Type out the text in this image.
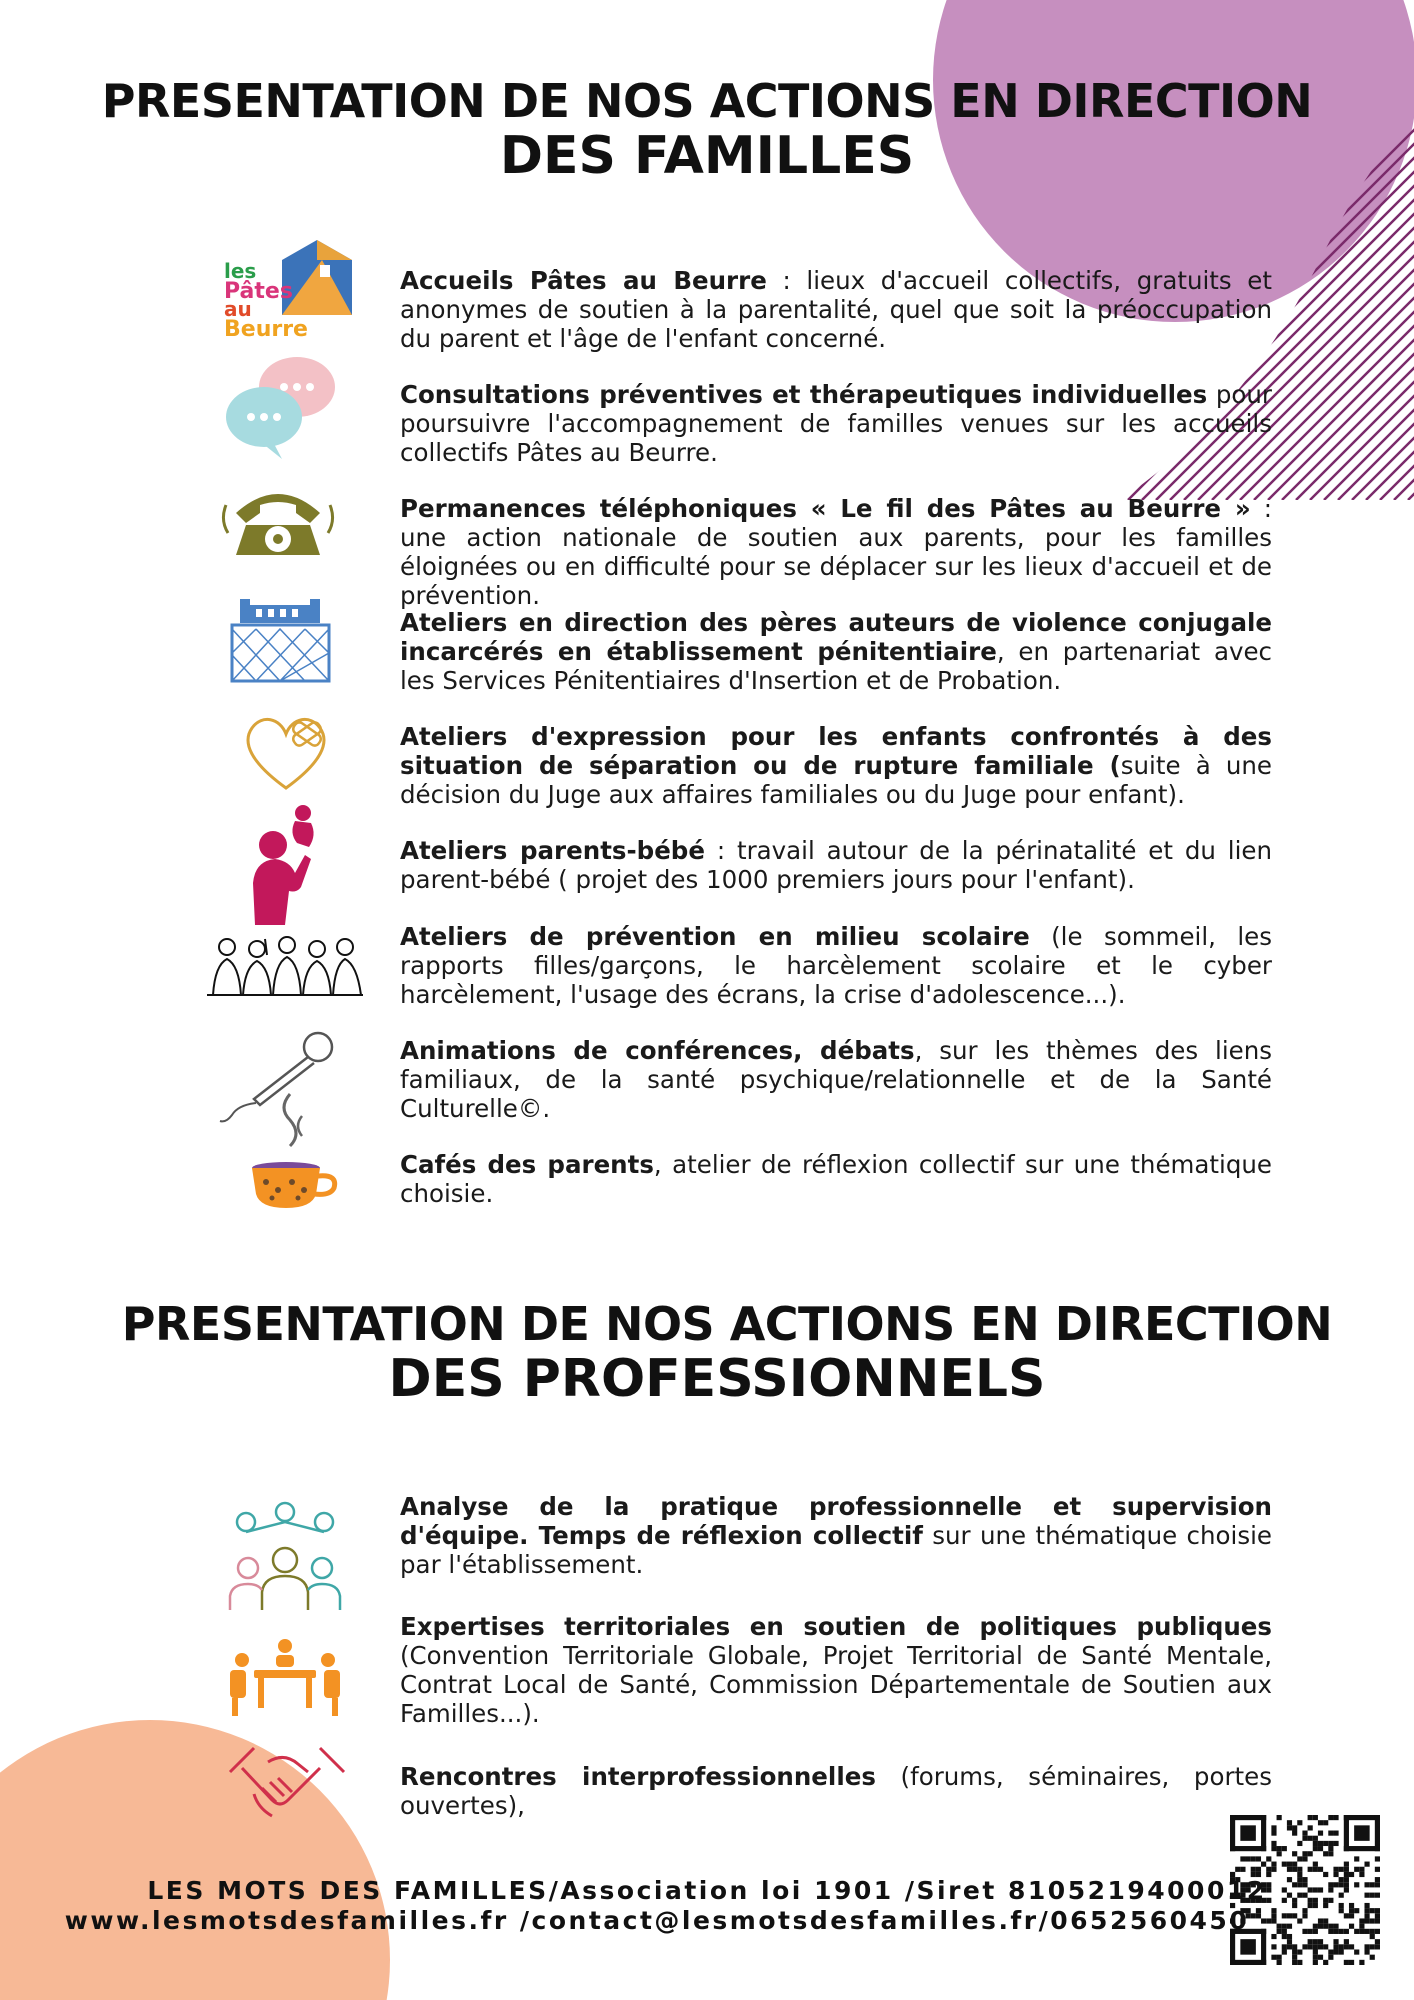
PRESENTATION DE NOS ACTIONS EN DIRECTION
DES FAMILLES
les
Pâtes
au
Beurre
Accueils Pâtes au Beurre : lieux d'accueil collectifs, gratuits et anonymes de soutien à la parentalité, quel que soit la préoccupation du parent et l'âge de l'enfant concerné.
Consultations préventives et thérapeutiques individuelles pour poursuivre l'accompagnement de familles venues sur les accueils collectifs Pâtes au Beurre.
Permanences téléphoniques « Le fil des Pâtes au Beurre » : une action nationale de soutien aux parents, pour les familles éloignées ou en difficulté pour se déplacer sur les lieux d'accueil et de prévention.
Ateliers en direction des pères auteurs de violence conjugale incarcérés en établissement pénitentiaire, en partenariat avec les Services Pénitentiaires d'Insertion et de Probation.
Ateliers d'expression pour les enfants confrontés à des situation de séparation ou de rupture familiale (suite à une décision du Juge aux affaires familiales ou du Juge pour enfant).
Ateliers parents-bébé : travail autour de la périnatalité et du lien parent-bébé ( projet des 1000 premiers jours pour l'enfant).
Ateliers de prévention en milieu scolaire (le sommeil, les rapports filles/garçons, le harcèlement scolaire et le cyber harcèlement, l'usage des écrans, la crise d'adolescence...).
Animations de conférences, débats, sur les thèmes des liens familiaux, de la santé psychique/relationnelle et de la Santé Culturelle©.
Cafés des parents, atelier de réflexion collectif sur une thématique choisie.
PRESENTATION DE NOS ACTIONS EN DIRECTION
DES PROFESSIONNELS
Analyse de la pratique professionnelle et supervision d'équipe. Temps de réflexion collectif sur une thématique choisie par l'établissement.
Expertises territoriales en soutien de politiques publiques (Convention Territoriale Globale, Projet Territorial de Santé Mentale, Contrat Local de Santé, Commission Départementale de Soutien aux Familles...).
Rencontres interprofessionnelles (forums, séminaires, portes ouvertes),
LES MOTS DES FAMILLES/Association loi 1901 /Siret 8105219400012
www.lesmotsdesfamilles.fr /contact@lesmotsdesfamilles.fr/0652560450
